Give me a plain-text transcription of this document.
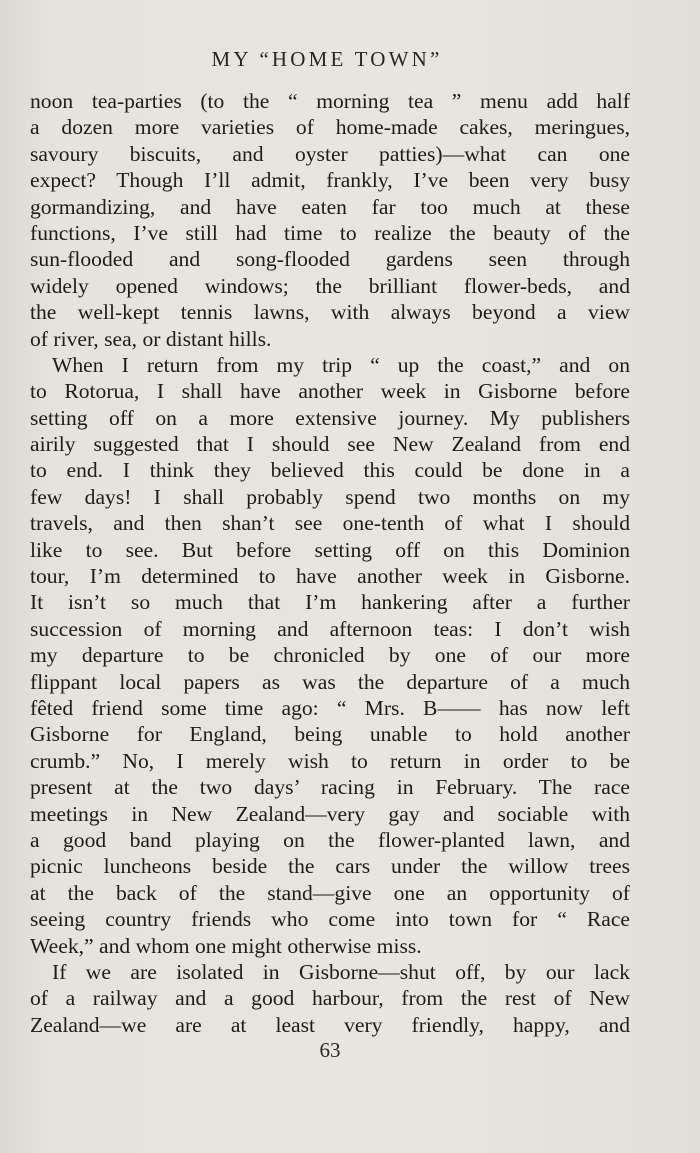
MY “HOME TOWN”
noon tea-parties (to the “ morning tea ” menu add half
a dozen more varieties of home-made cakes, meringues,
savoury biscuits, and oyster patties)—what can one
expect? Though I’ll admit, frankly, I’ve been very busy
gormandizing, and have eaten far too much at these
functions, I’ve still had time to realize the beauty of the
sun-flooded and song-flooded gardens seen through
widely opened windows; the brilliant flower-beds, and
the well-kept tennis lawns, with always beyond a view
of river, sea, or distant hills.
When I return from my trip “ up the coast,” and on
to Rotorua, I shall have another week in Gisborne before
setting off on a more extensive journey. My publishers
airily suggested that I should see New Zealand from end
to end. I think they believed this could be done in a
few days! I shall probably spend two months on my
travels, and then shan’t see one-tenth of what I should
like to see. But before setting off on this Dominion
tour, I’m determined to have another week in Gisborne.
It isn’t so much that I’m hankering after a further
succession of morning and afternoon teas: I don’t wish
my departure to be chronicled by one of our more
flippant local papers as was the departure of a much
fêted friend some time ago: “ Mrs. B—— has now left
Gisborne for England, being unable to hold another
crumb.” No, I merely wish to return in order to be
present at the two days’ racing in February. The race
meetings in New Zealand—very gay and sociable with
a good band playing on the flower-planted lawn, and
picnic luncheons beside the cars under the willow trees
at the back of the stand—give one an opportunity of
seeing country friends who come into town for “ Race
Week,” and whom one might otherwise miss.
If we are isolated in Gisborne—shut off, by our lack
of a railway and a good harbour, from the rest of New
Zealand—we are at least very friendly, happy, and
63
